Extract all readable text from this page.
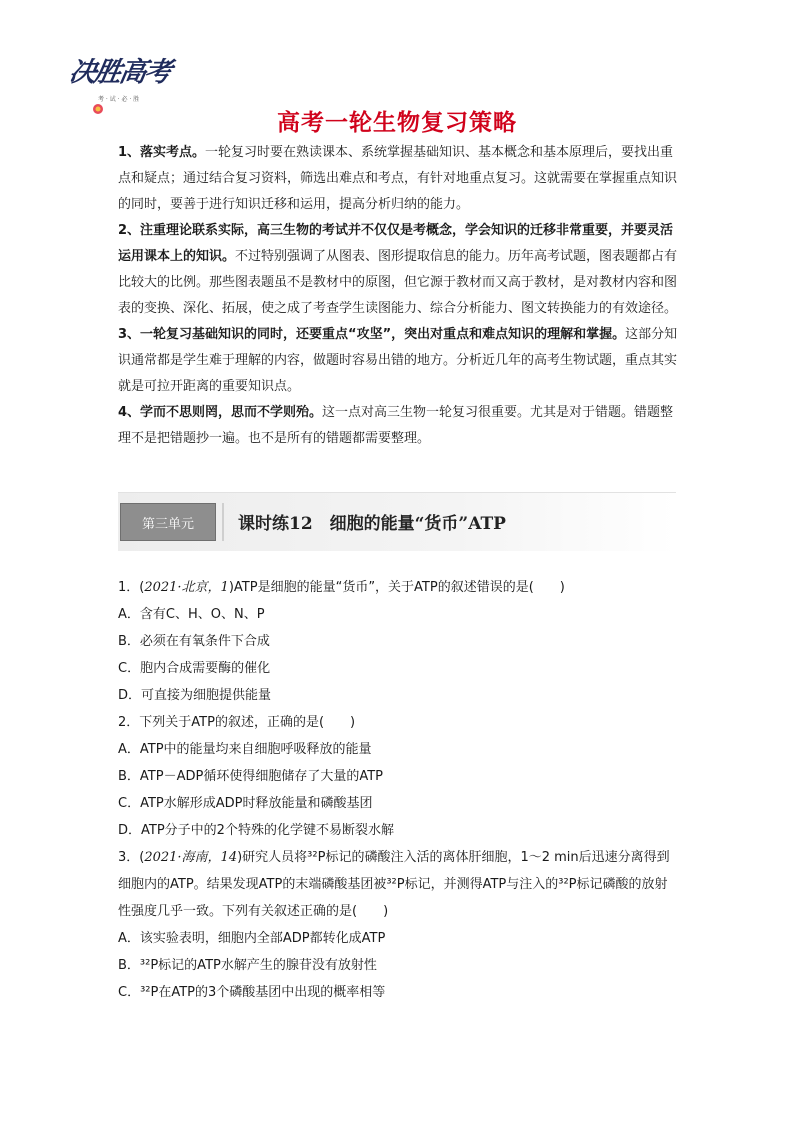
决胜高考
考 · 试 · 必 · 胜
高考一轮生物复习策略

1、落实考点。一轮复习时要在熟读课本、系统掌握基础知识、基本概念和基本原理后，要找出重点和疑点；通过结合复习资料，筛选出难点和考点，有针对地重点复习。这就需要在掌握重点知识的同时，要善于进行知识迁移和运用，提高分析归纳的能力。

2、注重理论联系实际，高三生物的考试并不仅仅是考概念，学会知识的迁移非常重要，并要灵活运用课本上的知识。不过特别强调了从图表、图形提取信息的能力。历年高考试题，图表题都占有比较大的比例。那些图表题虽不是教材中的原图，但它源于教材而又高于教材，是对教材内容和图表的变换、深化、拓展，使之成了考查学生读图能力、综合分析能力、图文转换能力的有效途径。

3、一轮复习基础知识的同时，还要重点“攻坚”，突出对重点和难点知识的理解和掌握。这部分知识通常都是学生难于理解的内容，做题时容易出错的地方。分析近几年的高考生物试题，重点其实就是可拉开距离的重要知识点。

4、学而不思则罔，思而不学则殆。这一点对高三生物一轮复习很重要。尤其是对于错题。错题整理不是把错题抄一遍。也不是所有的错题都需要整理。

第三单元	课时练12　细胞的能量“货币”ATP

1．(2021·北京，1)ATP是细胞的能量“货币”，关于ATP的叙述错误的是(　　)

A．含有C、H、O、N、P

B．必须在有氧条件下合成

C．胞内合成需要酶的催化

D．可直接为细胞提供能量

2．下列关于ATP的叙述，正确的是(　　)

A．ATP中的能量均来自细胞呼吸释放的能量

B．ATP－ADP循环使得细胞储存了大量的ATP

C．ATP水解形成ADP时释放能量和磷酸基团

D．ATP分子中的2个特殊的化学键不易断裂水解

3．(2021·海南，14)研究人员将³²P标记的磷酸注入活的离体肝细胞，1～2 min后迅速分离得到细胞内的ATP。结果发现ATP的末端磷酸基团被³²P标记，并测得ATP与注入的³²P标记磷酸的放射性强度几乎一致。下列有关叙述正确的是(　　)

A．该实验表明，细胞内全部ADP都转化成ATP

B．³²P标记的ATP水解产生的腺苷没有放射性

C．³²P在ATP的3个磷酸基团中出现的概率相等
